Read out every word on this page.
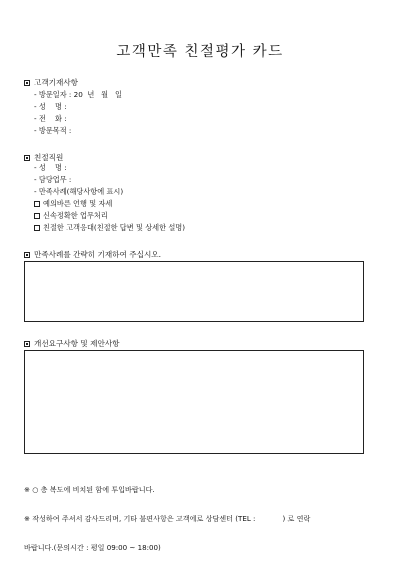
고객만족 친절평가 카드
고객기재사항
- 방문일자 : 20  년   월   일
- 성    명 :
- 전    화 :
- 방문목적 :
친절직원
- 성    명 :
- 담당업무 :
- 만족사례(해당사항에 표시)
예의바른 언행 및 자세
신속정확한 업무처리
친절한 고객응대(친절한 답변 및 상세한 설명)
만족사례를 간략히 기재하여 주십시오.
개선요구사항 및 제안사항

※ ○ 층 복도에 비치된 함에 투입바랍니다.

※ 작성하여 주셔서 감사드리며, 기타 불편사항은 고객에로 상담센터 (TEL :            ) 로 연락

바랍니다.(문의시간 : 평일 09:00 ~ 18:00)
